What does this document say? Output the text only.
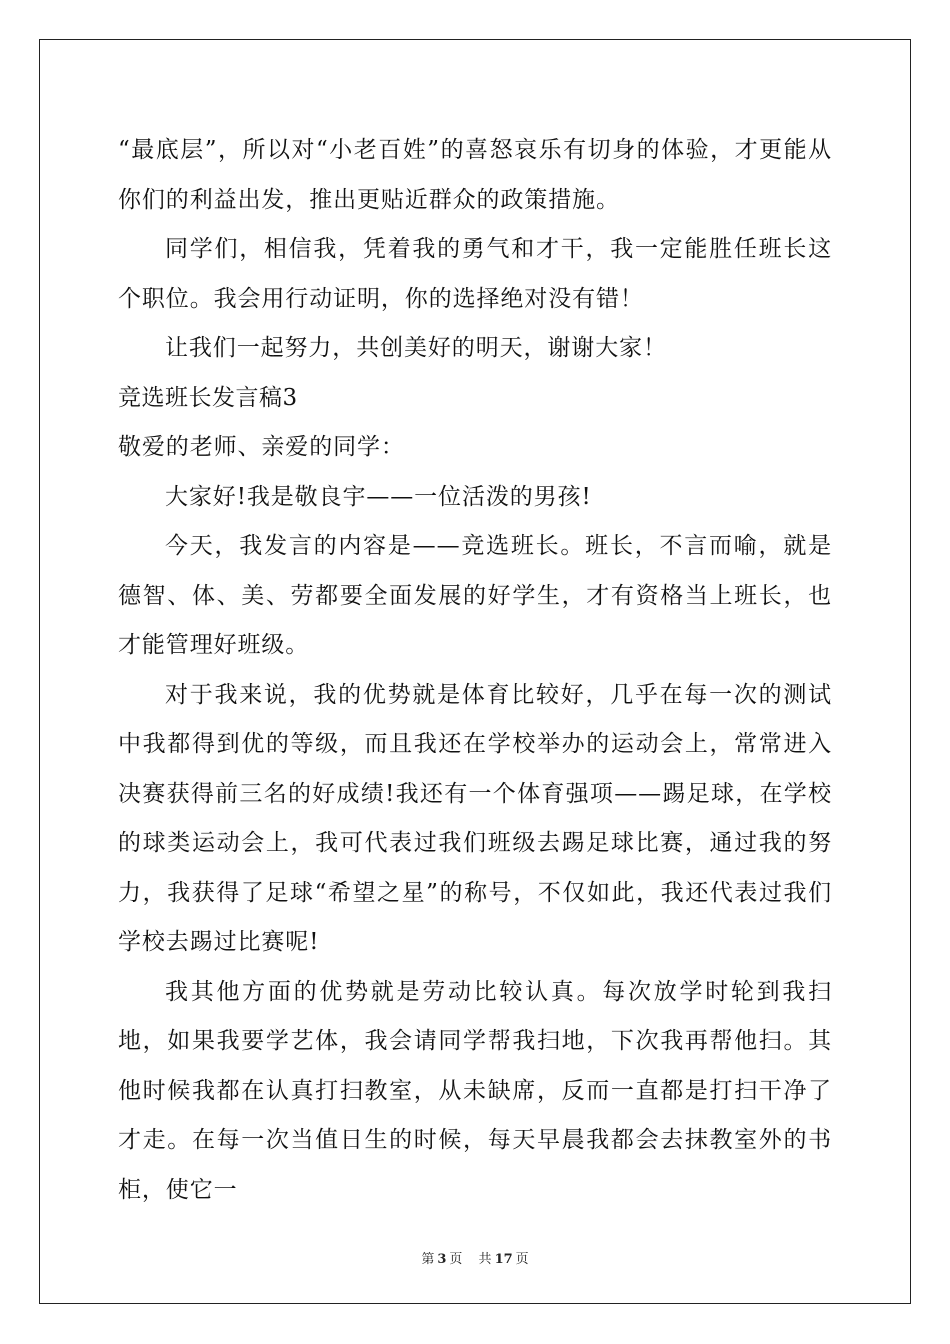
“最底层”，所以对“小老百姓”的喜怒哀乐有切身的体验，才更能从你们的利益出发，推出更贴近群众的政策措施。

同学们，相信我，凭着我的勇气和才干，我一定能胜任班长这个职位。我会用行动证明，你的选择绝对没有错！

让我们一起努力，共创美好的明天，谢谢大家！

竞选班长发言稿3

敬爱的老师、亲爱的同学：

大家好!我是敬良宇——一位活泼的男孩!

今天，我发言的内容是——竞选班长。班长，不言而喻，就是德智、体、美、劳都要全面发展的好学生，才有资格当上班长，也才能管理好班级。

对于我来说，我的优势就是体育比较好，几乎在每一次的测试中我都得到优的等级，而且我还在学校举办的运动会上，常常进入决赛获得前三名的好成绩!我还有一个体育强项——踢足球，在学校的球类运动会上，我可代表过我们班级去踢足球比赛，通过我的努力，我获得了足球“希望之星”的称号，不仅如此，我还代表过我们学校去踢过比赛呢!

我其他方面的优势就是劳动比较认真。每次放学时轮到我扫地，如果我要学艺体，我会请同学帮我扫地，下次我再帮他扫。其他时候我都在认真打扫教室，从未缺席，反而一直都是打扫干净了才走。在每一次当值日生的时候，每天早晨我都会去抹教室外的书柜，使它一

第 3 页 共 17 页
